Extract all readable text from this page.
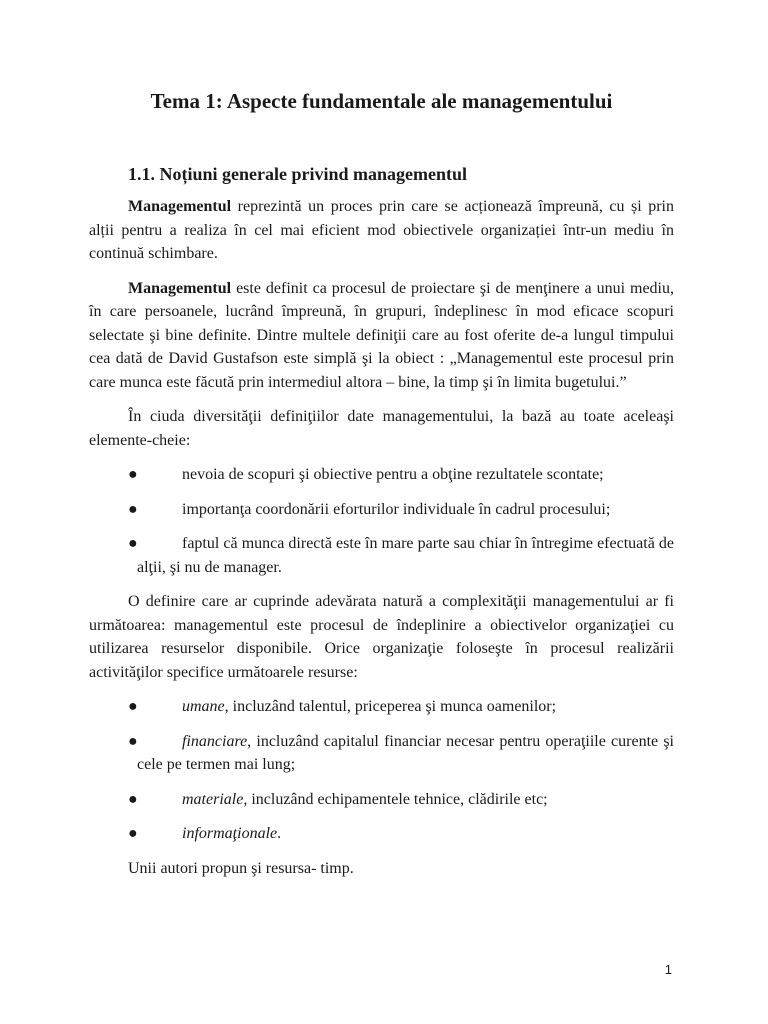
Tema 1: Aspecte fundamentale ale managementului
1.1. Noțiuni generale privind managementul

Managementul reprezintă un proces prin care se acționează împreună, cu și prin alții pentru a realiza în cel mai eficient mod obiectivele organizației într-un mediu în continuă schimbare.

Managementul este definit ca procesul de proiectare şi de menţinere a unui mediu, în care persoanele, lucrând împreună, în grupuri, îndeplinesc în mod eficace scopuri selectate şi bine definite. Dintre multele definiţii care au fost oferite de-a lungul timpului cea dată de David Gustafson este simplă şi la obiect : „Managementul este procesul prin care munca este făcută prin intermediul altora – bine, la timp şi în limita bugetului.”

În ciuda diversităţii definiţiilor date managementului, la bază au toate aceleaşi elemente-cheie:

●	nevoia de scopuri şi obiective pentru a obţine rezultatele scontate;
●	importanţa coordonării eforturilor individuale în cadrul procesului;
●	faptul că munca directă este în mare parte sau chiar în întregime efectuată de alţii, şi nu de manager.

O definire care ar cuprinde adevărata natură a complexităţii managementului ar fi următoarea: managementul este procesul de îndeplinire a obiectivelor organizaţiei cu utilizarea resurselor disponibile. Orice organizaţie foloseşte în procesul realizării activităţilor specifice următoarele resurse:

●	umane, incluzând talentul, priceperea şi munca oamenilor;
●	financiare, incluzând capitalul financiar necesar pentru operaţiile curente şi cele pe termen mai lung;
●	materiale, incluzând echipamentele tehnice, clădirile etc;
●	informaţionale.

Unii autori propun şi resursa- timp.

1
